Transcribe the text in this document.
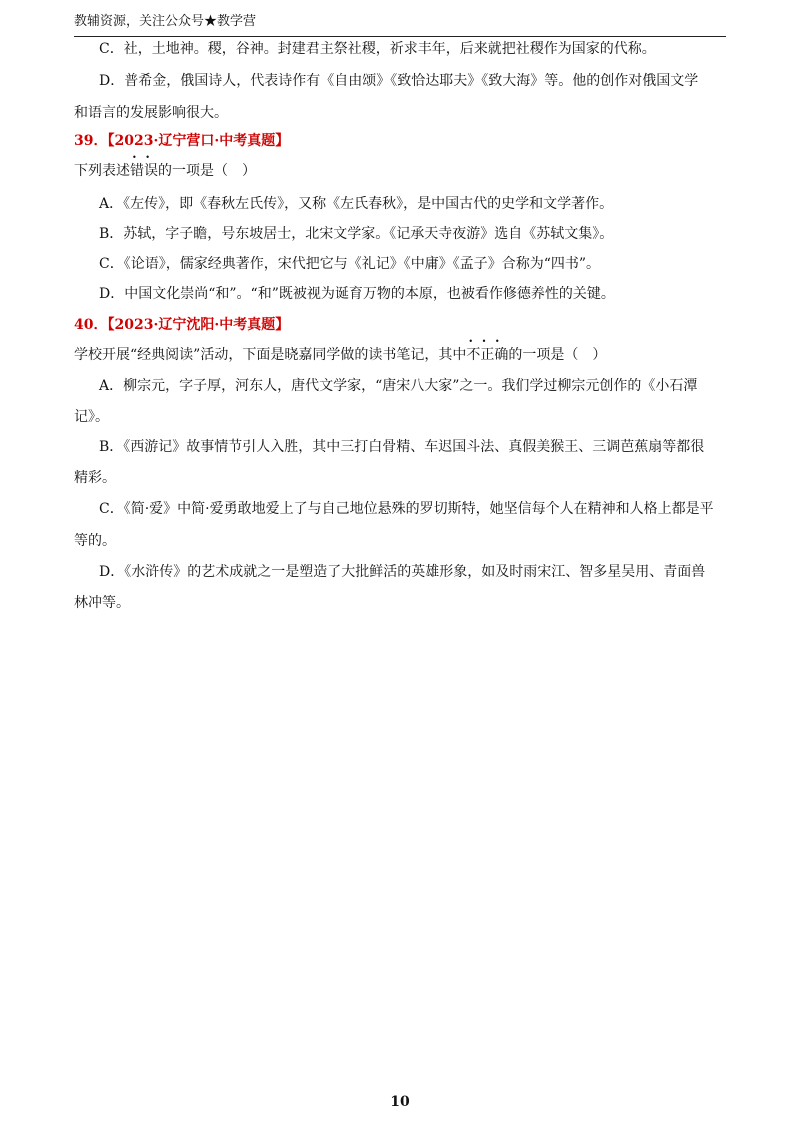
教辅资源，关注公众号★教学营
C．社，土地神。稷，谷神。封建君主祭社稷，祈求丰年，后来就把社稷作为国家的代称。
D．普希金，俄国诗人，代表诗作有《自由颂》《致恰达耶夫》《致大海》等。他的创作对俄国文学
和语言的发展影响很大。
39．【2023·辽宁营口·中考真题】
下列表述错误 • •的一项是（　）
A．《左传》，即《春秋左氏传》，又称《左氏春秋》，是中国古代的史学和文学著作。
B．苏轼，字子瞻，号东坡居士，北宋文学家。《记承天寺夜游》选自《苏轼文集》。
C．《论语》，儒家经典著作，宋代把它与《礼记》《中庸》《孟子》合称为“四书”。
D．中国文化崇尚“和”。“和”既被视为诞育万物的本原，也被看作修德养性的关键。
40．【2023·辽宁沈阳·中考真题】
学校开展“经典阅读”活动，下面是晓嘉同学做的读书笔记，其中不正确 • • •的一项是（　）
A．柳宗元，字子厚，河东人，唐代文学家，“唐宋八大家”之一。我们学过柳宗元创作的《小石潭
记》。
B．《西游记》故事情节引人入胜，其中三打白骨精、车迟国斗法、真假美猴王、三调芭蕉扇等都很
精彩。
C．《简·爱》中简·爱勇敢地爱上了与自己地位悬殊的罗切斯特，她坚信每个人在精神和人格上都是平
等的。
D．《水浒传》的艺术成就之一是塑造了大批鲜活的英雄形象，如及时雨宋江、智多星吴用、青面兽
林冲等。
10
